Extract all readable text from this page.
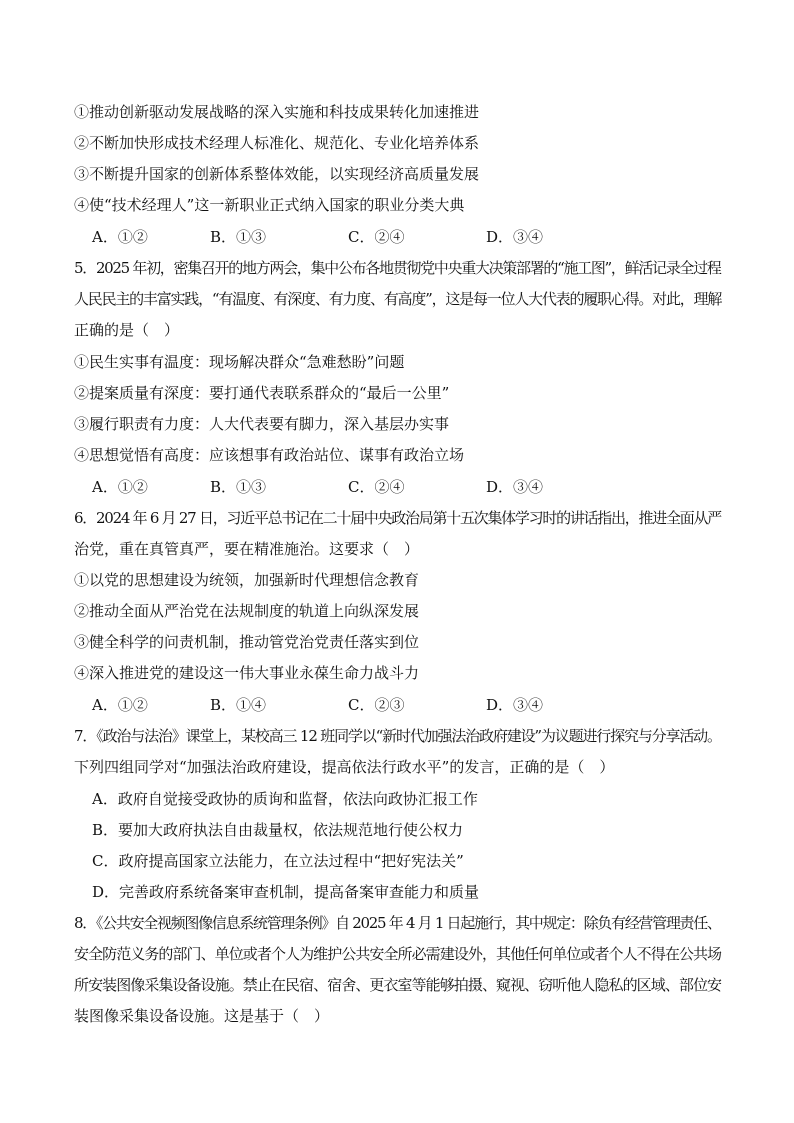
①推动创新驱动发展战略的深入实施和科技成果转化加速推进
②不断加快形成技术经理人标准化、规范化、专业化培养体系
③不断提升国家的创新体系整体效能，以实现经济高质量发展
④使“技术经理人”这一新职业正式纳入国家的职业分类大典
A．①②	B．①③	C．②④	D．③④
5．2025 年初，密集召开的地方两会，集中公布各地贯彻党中央重大决策部署的“施工图”，鲜活记录全过程
人民民主的丰富实践，“有温度、有深度、有力度、有高度”，这是每一位人大代表的履职心得。对此，理解
正确的是（　）
①民生实事有温度：现场解决群众“急难愁盼”问题
②提案质量有深度：要打通代表联系群众的“最后一公里”
③履行职责有力度：人大代表要有脚力，深入基层办实事
④思想觉悟有高度：应该想事有政治站位、谋事有政治立场
A．①②	B．①③	C．②④	D．③④
6．2024 年 6 月 27 日，习近平总书记在二十届中央政治局第十五次集体学习时的讲话指出，推进全面从严
治党，重在真管真严，要在精准施治。这要求（　）
①以党的思想建设为统领，加强新时代理想信念教育
②推动全面从严治党在法规制度的轨道上向纵深发展
③健全科学的问责机制，推动管党治党责任落实到位
④深入推进党的建设这一伟大事业永葆生命力战斗力
A．①②	B．①④	C．②③	D．③④
7．《政治与法治》课堂上，某校高三 12 班同学以“新时代加强法治政府建设”为议题进行探究与分享活动。
下列四组同学对“加强法治政府建设，提高依法行政水平”的发言，正确的是（　）
A．政府自觉接受政协的质询和监督，依法向政协汇报工作
B．要加大政府执法自由裁量权，依法规范地行使公权力
C．政府提高国家立法能力，在立法过程中“把好宪法关”
D．完善政府系统备案审查机制，提高备案审查能力和质量
8．《公共安全视频图像信息系统管理条例》自 2025 年 4 月 1 日起施行，其中规定：除负有经营管理责任、
安全防范义务的部门、单位或者个人为维护公共安全所必需建设外，其他任何单位或者个人不得在公共场
所安装图像采集设备设施。禁止在民宿、宿舍、更衣室等能够拍摄、窥视、窃听他人隐私的区域、部位安
装图像采集设备设施。这是基于（　）
